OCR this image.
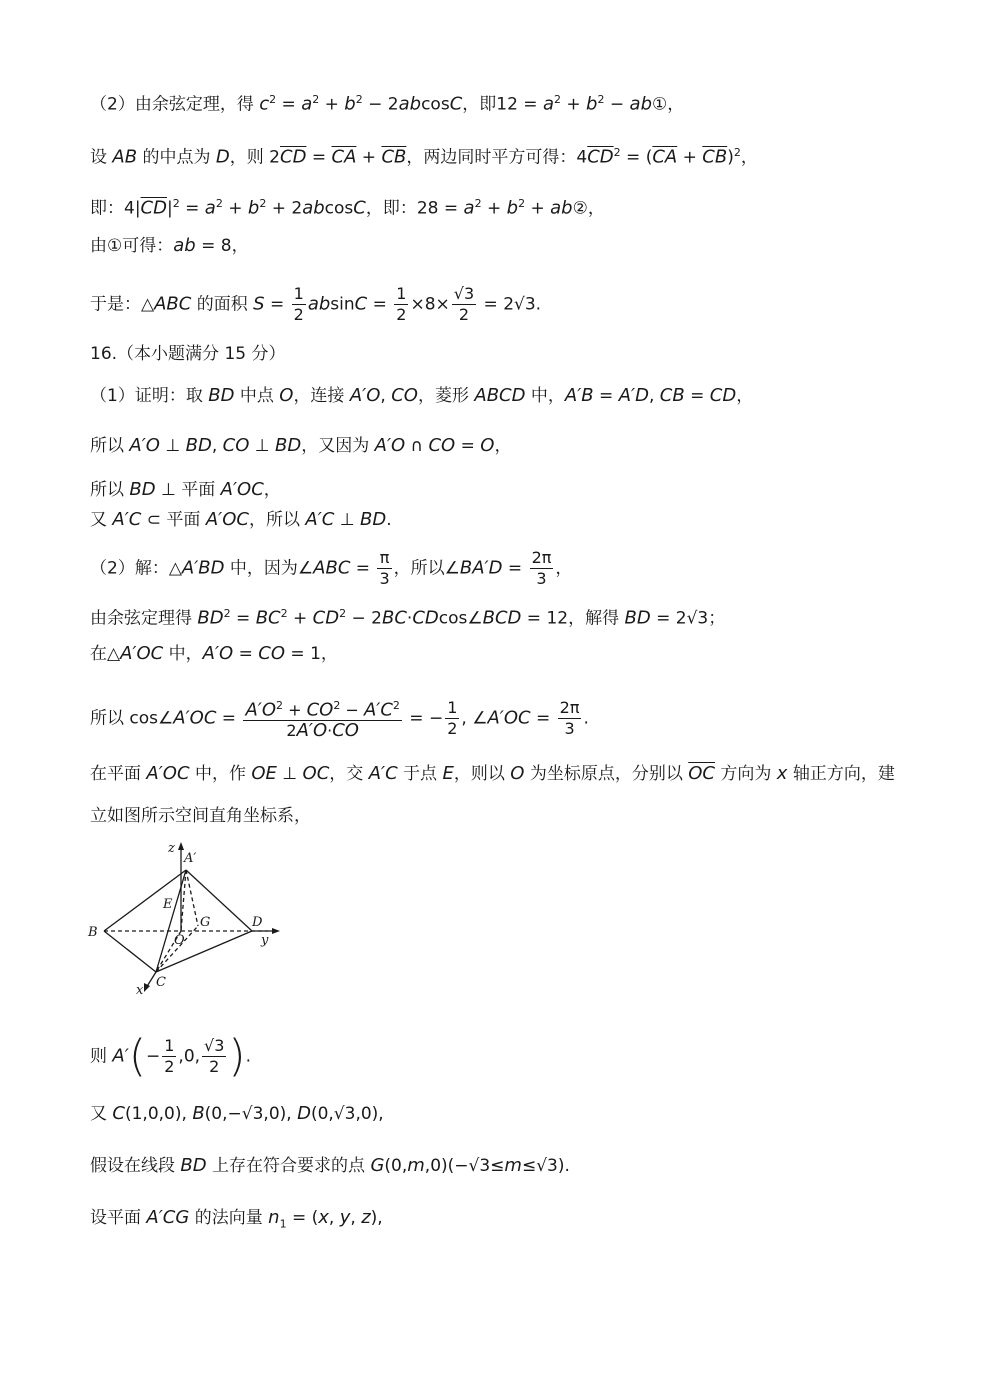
（2）由余弦定理，得 $c^2 = a^2 + b^2 - 2abcosC$，即$12 = a^2 + b^2$ − ab①，
设 AB 的中点为 D，则 $2\overline{CD} = \overline{CA} + \overline{CB}$，两边同时平方可得：$4\overline{CD}^2 = (\overline{CA} + \overline{CB})^2$，
即：$4|\overline{CD}|^2 = a^2 + b^2 + 2abcosC$，即：$28 = a^2 + b^2$ + ab②，
由①可得：ab = 8，
于是：△ABC 的面积 $S = \frac{1}{2}$ $absinC = \frac{1}{2} \times 8\times \frac{√3}{2} = 2√3$.
16.（本小题满分 15 分）
（1）证明：取 BD 中点 O，连接 A′O, CO，菱形 ABCD 中，A′B = A′D, CB = CD，
所以 A′O ⊥ BD, CO ⊥ BD，又因为 A′O ∩ CO = O，
所以 BD ⊥ 平面 A′OC，
又 A′C ⊂ 平面 A′OC，所以 A′C ⊥ BD.
（2）解：△A′BD 中，因为∠ABC = $\frac{\pi}{3}$ ，所以∠BA′D = $\frac{2\pi}{3}$ ，
由余弦定理得 $BD^2 = BC^2 + CD^2$ − 2BC·CDcos∠BCD = 12，解得 BD = 2√3；
在△A′OC 中，A′O = CO = 1，
所以 cos∠A′OC = $\frac{A'O^2 + CO^2 - A'C^2}{2A'O\cdot CO}$ = − $\frac{1}{2}$ , ∠A′OC = $\frac{2\pi}{3}$ .
在平面 A′OC 中，作 OE ⊥ OC，交 A′C 于点 E，则以 O 为坐标原点，分别以 $\overline{OC}$ 方向为 x 轴正方向，建
立如图所示空间直角坐标系，
z
A′
E
G
B
D
O	y
C
x
则 $A'(- \frac{1}{2} ,0$, $\frac{√3}{2}$ ).
又 C(1,0,0), B(0,−√3,0), D(0,√3,0),
假设在线段 BD 上存在符合要求的点 G(0,m,0)(−√3≤m≤√3).
设平面 A′CG 的法向量 $n_1 = (x$, y, z),
